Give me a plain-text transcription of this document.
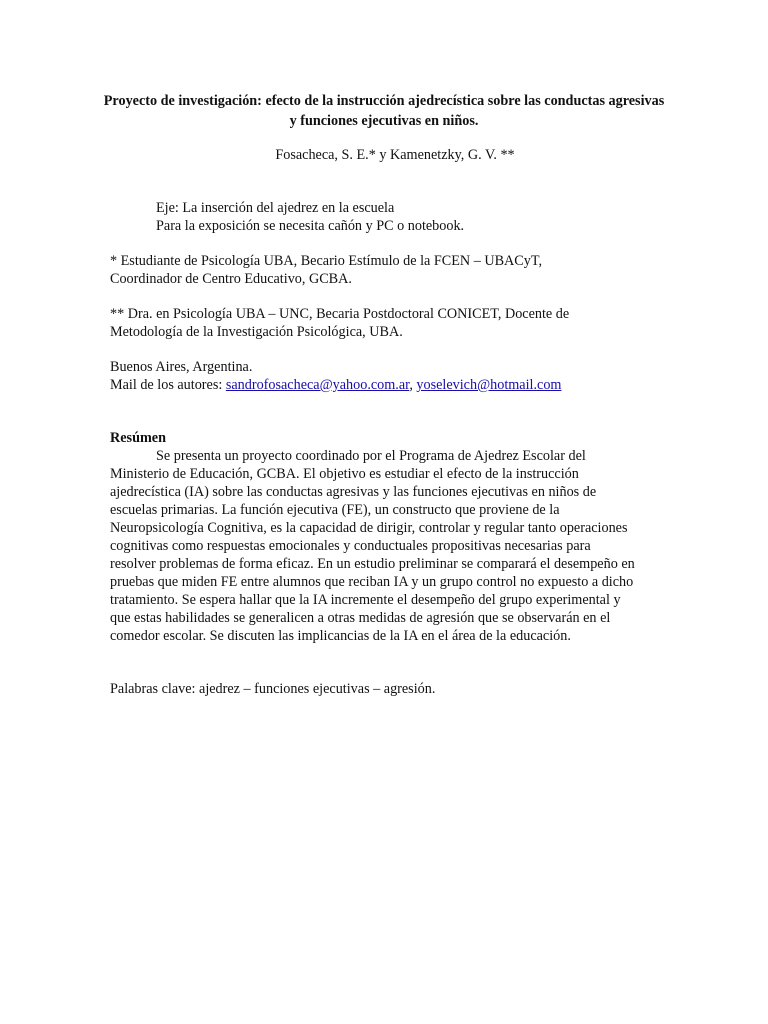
Proyecto de investigación: efecto de la instrucción ajedrecística sobre las conductas agresivas y funciones ejecutivas en niños.
Fosacheca, S. E.* y Kamenetzky, G. V. **
Eje: La inserción del ajedrez en la escuela
Para la exposición se necesita cañón y PC o notebook.
* Estudiante de Psicología UBA, Becario Estímulo de la FCEN – UBACyT,
Coordinador de Centro Educativo, GCBA.
** Dra. en Psicología UBA – UNC, Becaria Postdoctoral CONICET, Docente de
Metodología de la Investigación Psicológica, UBA.
Buenos Aires, Argentina.
Mail de los autores: sandrofosacheca@yahoo.com.ar, yoselevich@hotmail.com
Resúmen
Se presenta un proyecto coordinado por el Programa de Ajedrez Escolar del Ministerio de Educación, GCBA. El objetivo es estudiar el efecto de la instrucción ajedrecística (IA) sobre las conductas agresivas y las funciones ejecutivas en niños de escuelas primarias. La función ejecutiva (FE), un constructo que proviene de la Neuropsicología Cognitiva, es la capacidad de dirigir, controlar y regular tanto operaciones cognitivas como respuestas emocionales y conductuales propositivas necesarias para resolver problemas de forma eficaz. En un estudio preliminar se comparará el desempeño en pruebas que miden FE entre alumnos que reciban IA y un grupo control no expuesto a dicho tratamiento. Se espera hallar que la IA incremente el desempeño del grupo experimental y que estas habilidades se generalicen a otras medidas de agresión que se observarán en el comedor escolar. Se discuten las implicancias de la IA en el área de la educación.
Palabras clave: ajedrez – funciones ejecutivas – agresión.
